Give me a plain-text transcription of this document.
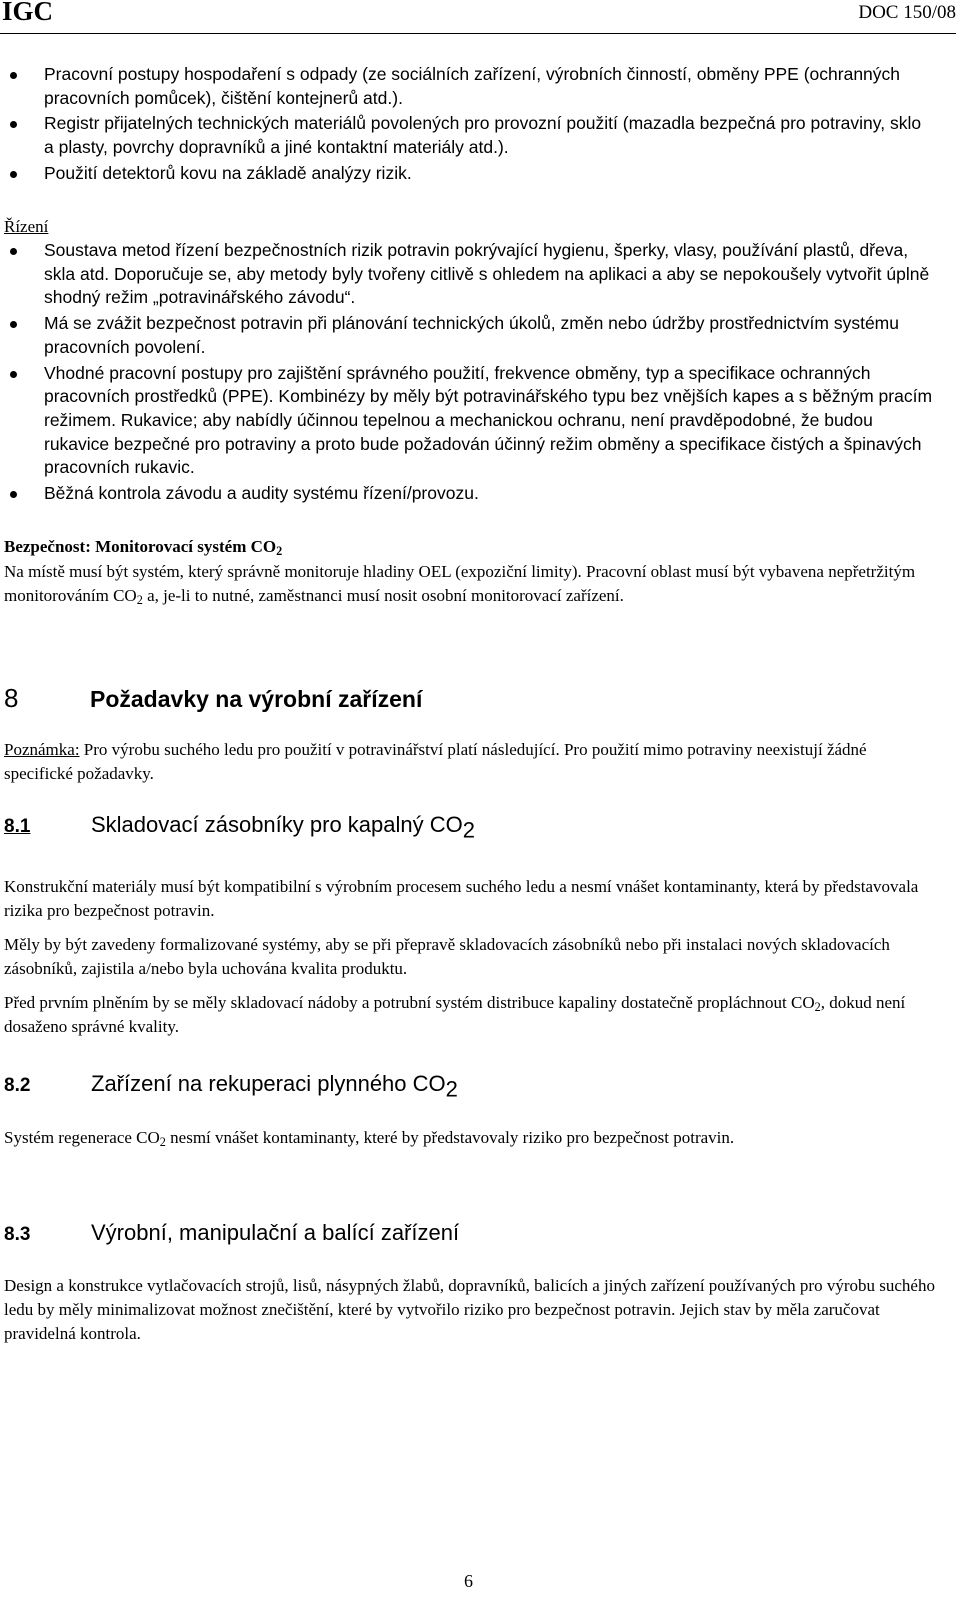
IGC	DOC 150/08
Pracovní postupy hospodaření s odpady (ze sociálních zařízení, výrobních činností, obměny PPE (ochranných pracovních pomůcek), čištění kontejnerů atd.).
Registr přijatelných technických materiálů povolených pro provozní použití (mazadla bezpečná pro potraviny, sklo a plasty, povrchy dopravníků a jiné kontaktní materiály atd.).
Použití detektorů kovu na základě analýzy rizik.
Řízení
Soustava metod řízení bezpečnostních rizik potravin pokrývající hygienu, šperky, vlasy, používání plastů, dřeva, skla atd. Doporučuje se, aby metody byly tvořeny citlivě s ohledem na aplikaci a aby se nepokoušely vytvořit úplně shodný režim „potravinářského závodu“.
Má se zvážit bezpečnost potravin při plánování technických úkolů, změn nebo údržby prostřednictvím systému pracovních povolení.
Vhodné pracovní postupy pro zajištění správného použití, frekvence obměny, typ a specifikace ochranných pracovních prostředků (PPE). Kombinézy by měly být potravinářského typu bez vnějších kapes a s běžným pracím režimem. Rukavice; aby nabídly účinnou tepelnou a mechanickou ochranu, není pravděpodobné, že budou rukavice bezpečné pro potraviny a proto bude požadován účinný režim obměny a specifikace čistých a špinavých pracovních rukavic.
Běžná kontrola závodu a audity systému řízení/provozu.
Bezpečnost: Monitorovací systém $CO_2$

Na místě musí být systém, který správně monitoruje hladiny OEL (expoziční limity). Pracovní oblast musí být vybavena nepřetržitým monitorováním $CO_2$ a, je-li to nutné, zaměstnanci musí nosit osobní monitorovací zařízení.

8	Požadavky na výrobní zařízení

Poznámka: Pro výrobu suchého ledu pro použití v potravinářství platí následující. Pro použití mimo potraviny neexistují žádné specifické požadavky.

8.1	Skladovací zásobníky pro kapalný $CO_2$

Konstrukční materiály musí být kompatibilní s výrobním procesem suchého ledu a nesmí vnášet kontaminanty, která by představovala rizika pro bezpečnost potravin.

Měly by být zavedeny formalizované systémy, aby se při přepravě skladovacích zásobníků nebo při instalaci nových skladovacích zásobníků, zajistila a/nebo byla uchována kvalita produktu.

Před prvním plněním by se měly skladovací nádoby a potrubní systém distribuce kapaliny dostatečně propláchnout $CO_2$, dokud není dosaženo správné kvality.

8.2	Zařízení na rekuperaci plynného $CO_2$

Systém regenerace $CO_2$ nesmí vnášet kontaminanty, které by představovaly riziko pro bezpečnost potravin.

8.3	Výrobní, manipulační a balící zařízení

Design a konstrukce vytlačovacích strojů, lisů, násypných žlabů, dopravníků, balicích a jiných zařízení používaných pro výrobu suchého ledu by měly minimalizovat možnost znečištění, které by vytvořilo riziko pro bezpečnost potravin. Jejich stav by měla zaručovat pravidelná kontrola.

6
